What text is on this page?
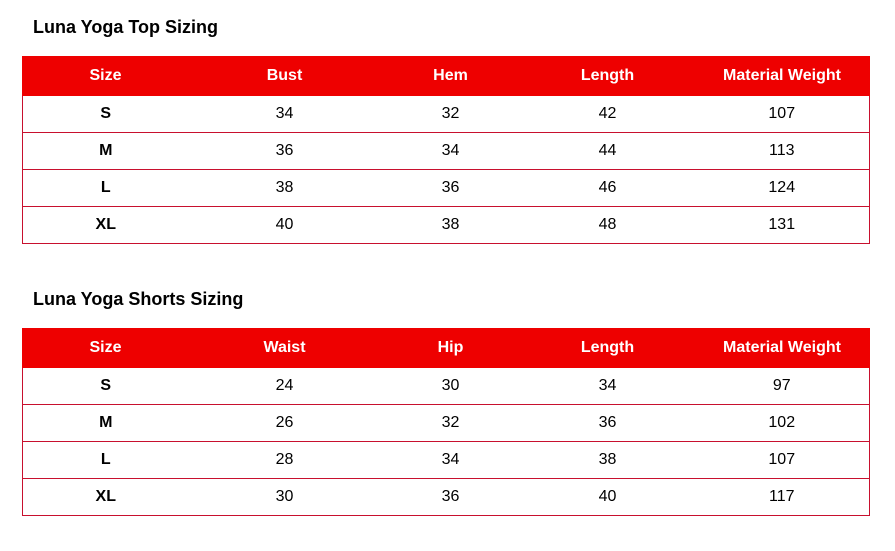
Luna Yoga Top Sizing
Size	Bust	Hem	Length	Material Weight
S	34	32	42	107
M	36	34	44	113
L	38	36	46	124
XL	40	38	48	131
Luna Yoga Shorts Sizing
Size	Waist	Hip	Length	Material Weight
S	24	30	34	97
M	26	32	36	102
L	28	34	38	107
XL	30	36	40	117
